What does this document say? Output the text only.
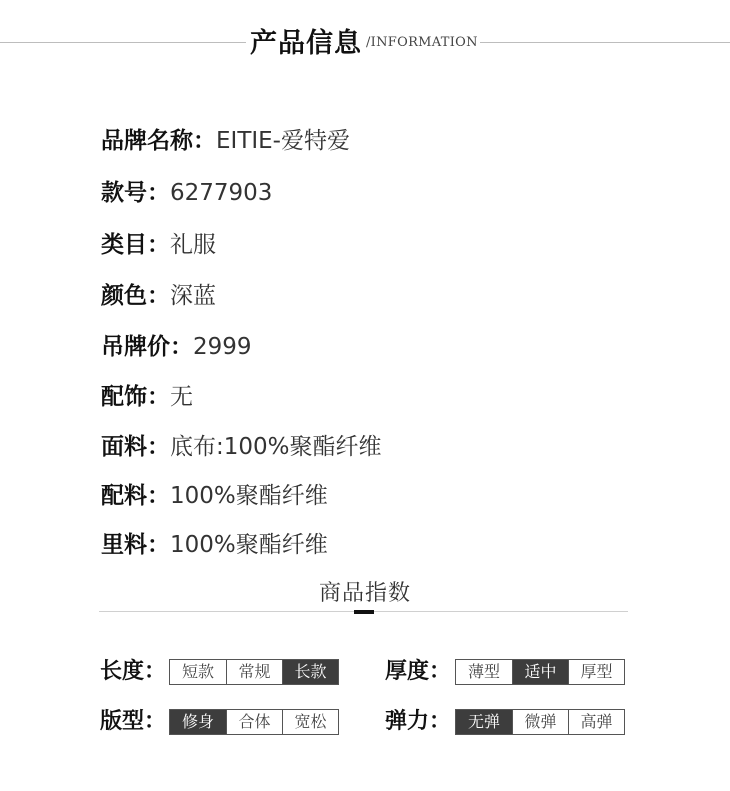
产品信息 /INFORMATION
品牌名称：EITIE-爱特爱
款号：6277903
类目：礼服
颜色：深蓝
吊牌价：2999
配饰：无
面料：底布:100%聚酯纤维
配料：100%聚酯纤维
里料：100%聚酯纤维
商品指数
长度： 短款	常规	长款	厚度：	薄型	适中	厚型
版型： 修身	合体	宽松	弹力：	无弹	微弹	高弹
